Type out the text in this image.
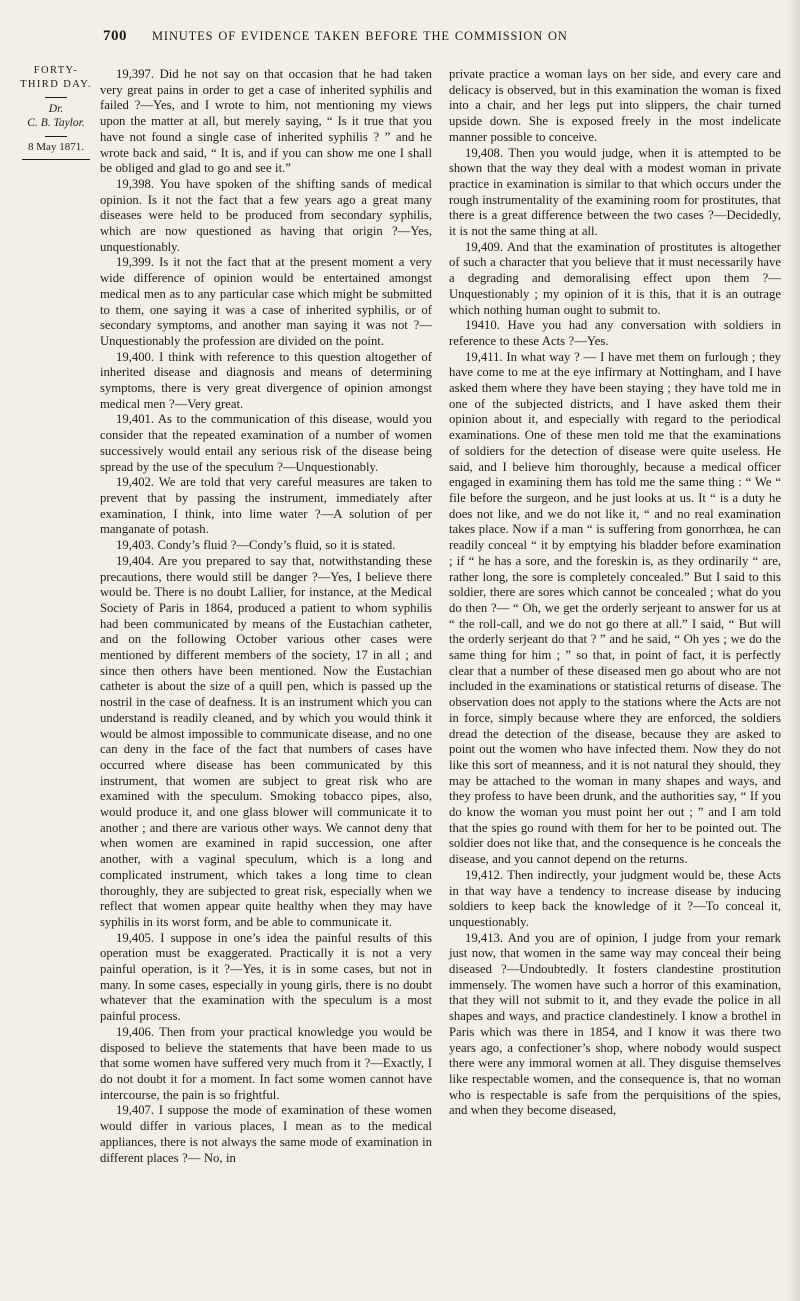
700 MINUTES OF EVIDENCE TAKEN BEFORE THE COMMISSION ON
FORTY-
THIRD DAY.
Dr.
C. B. Taylor.
8 May 1871.

19,397. Did he not say on that occasion that he had taken very great pains in order to get a case of inherited syphilis and failed ?—Yes, and I wrote to him, not mentioning my views upon the matter at all, but merely saying, “ Is it true that you have not found a single case of inherited syphilis ? ” and he wrote back and said, “ It is, and if you can show me one I shall be obliged and glad to go and see it.”

19,398. You have spoken of the shifting sands of medical opinion. Is it not the fact that a few years ago a great many diseases were held to be produced from secondary syphilis, which are now questioned as having that origin ?—Yes, unquestionably.

19,399. Is it not the fact that at the present moment a very wide difference of opinion would be entertained amongst medical men as to any particular case which might be submitted to them, one saying it was a case of inherited syphilis, or of secondary symptoms, and another man saying it was not ?—Unquestionably the profession are divided on the point.

19,400. I think with reference to this question altogether of inherited disease and diagnosis and means of determining symptoms, there is very great divergence of opinion amongst medical men ?—Very great.

19,401. As to the communication of this disease, would you consider that the repeated examination of a number of women successively would entail any serious risk of the disease being spread by the use of the speculum ?—Unquestionably.

19,402. We are told that very careful measures are taken to prevent that by passing the instrument, immediately after examination, I think, into lime water ?—A solution of per manganate of potash.

19,403. Condy’s fluid ?—Condy’s fluid, so it is stated.

19,404. Are you prepared to say that, notwithstanding these precautions, there would still be danger ?—Yes, I believe there would be. There is no doubt Lallier, for instance, at the Medical Society of Paris in 1864, produced a patient to whom syphilis had been communicated by means of the Eustachian catheter, and on the following October various other cases were mentioned by different members of the society, 17 in all ; and since then others have been mentioned. Now the Eustachian catheter is about the size of a quill pen, which is passed up the nostril in the case of deafness. It is an instrument which you can understand is readily cleaned, and by which you would think it would be almost impossible to communicate disease, and no one can deny in the face of the fact that numbers of cases have occurred where disease has been communicated by this instrument, that women are subject to great risk who are examined with the speculum. Smoking tobacco pipes, also, would produce it, and one glass blower will communicate it to another ; and there are various other ways. We cannot deny that when women are examined in rapid succession, one after another, with a vaginal speculum, which is a long and complicated instrument, which takes a long time to clean thoroughly, they are subjected to great risk, especially when we reflect that women appear quite healthy when they may have syphilis in its worst form, and be able to communicate it.

19,405. I suppose in one’s idea the painful results of this operation must be exaggerated. Practically it is not a very painful operation, is it ?—Yes, it is in some cases, but not in many. In some cases, especially in young girls, there is no doubt whatever that the examination with the speculum is a most painful process.

19,406. Then from your practical knowledge you would be disposed to believe the statements that have been made to us that some women have suffered very much from it ?—Exactly, I do not doubt it for a moment. In fact some women cannot have intercourse, the pain is so frightful.

19,407. I suppose the mode of examination of these women would differ in various places, I mean as to the medical appliances, there is not always the same mode of examination in different places ?— No, in

private practice a woman lays on her side, and every care and delicacy is observed, but in this examination the woman is fixed into a chair, and her legs put into slippers, the chair turned upside down. She is exposed freely in the most indelicate manner possible to conceive.

19,408. Then you would judge, when it is attempted to be shown that the way they deal with a modest woman in private practice in examination is similar to that which occurs under the rough instrumentality of the examining room for prostitutes, that there is a great difference between the two cases ?—Decidedly, it is not the same thing at all.

19,409. And that the examination of prostitutes is altogether of such a character that you believe that it must necessarily have a degrading and demoralising effect upon them ?—Unquestionably ; my opinion of it is this, that it is an outrage which nothing human ought to submit to.

19410. Have you had any conversation with soldiers in reference to these Acts ?—Yes.

19,411. In what way ? — I have met them on furlough ; they have come to me at the eye infirmary at Nottingham, and I have asked them where they have been staying ; they have told me in one of the subjected districts, and I have asked them their opinion about it, and especially with regard to the periodical examinations. One of these men told me that the examinations of soldiers for the detection of disease were quite useless. He said, and I believe him thoroughly, because a medical officer engaged in examining them has told me the same thing : “ We “ file before the surgeon, and he just looks at us. It “ is a duty he does not like, and we do not like it, “ and no real examination takes place. Now if a man “ is suffering from gonorrhœa, he can readily conceal “ it by emptying his bladder before examination ; if “ he has a sore, and the foreskin is, as they ordinarily “ are, rather long, the sore is completely concealed.” But I said to this soldier, there are sores which cannot be concealed ; what do you do then ?— “ Oh, we get the orderly serjeant to answer for us at “ the roll-call, and we do not go there at all.” I said, “ But will the orderly serjeant do that ? ” and he said, “ Oh yes ; we do the same thing for him ; ” so that, in point of fact, it is perfectly clear that a number of these diseased men go about who are not included in the examinations or statistical returns of disease. The observation does not apply to the stations where the Acts are not in force, simply because where they are enforced, the soldiers dread the detection of the disease, because they are asked to point out the women who have infected them. Now they do not like this sort of meanness, and it is not natural they should, they may be attached to the woman in many shapes and ways, and they profess to have been drunk, and the authorities say, “ If you do know the woman you must point her out ; ” and I am told that the spies go round with them for her to be pointed out. The soldier does not like that, and the consequence is he conceals the disease, and you cannot depend on the returns.

19,412. Then indirectly, your judgment would be, these Acts in that way have a tendency to increase disease by inducing soldiers to keep back the knowledge of it ?—To conceal it, unquestionably.

19,413. And you are of opinion, I judge from your remark just now, that women in the same way may conceal their being diseased ?—Undoubtedly. It fosters clandestine prostitution immensely. The women have such a horror of this examination, that they will not submit to it, and they evade the police in all shapes and ways, and practice clandestinely. I know a brothel in Paris which was there in 1854, and I know it was there two years ago, a confectioner’s shop, where nobody would suspect there were any immoral women at all. They disguise themselves like respectable women, and the consequence is, that no woman who is respectable is safe from the perquisitions of the spies, and when they become diseased,
